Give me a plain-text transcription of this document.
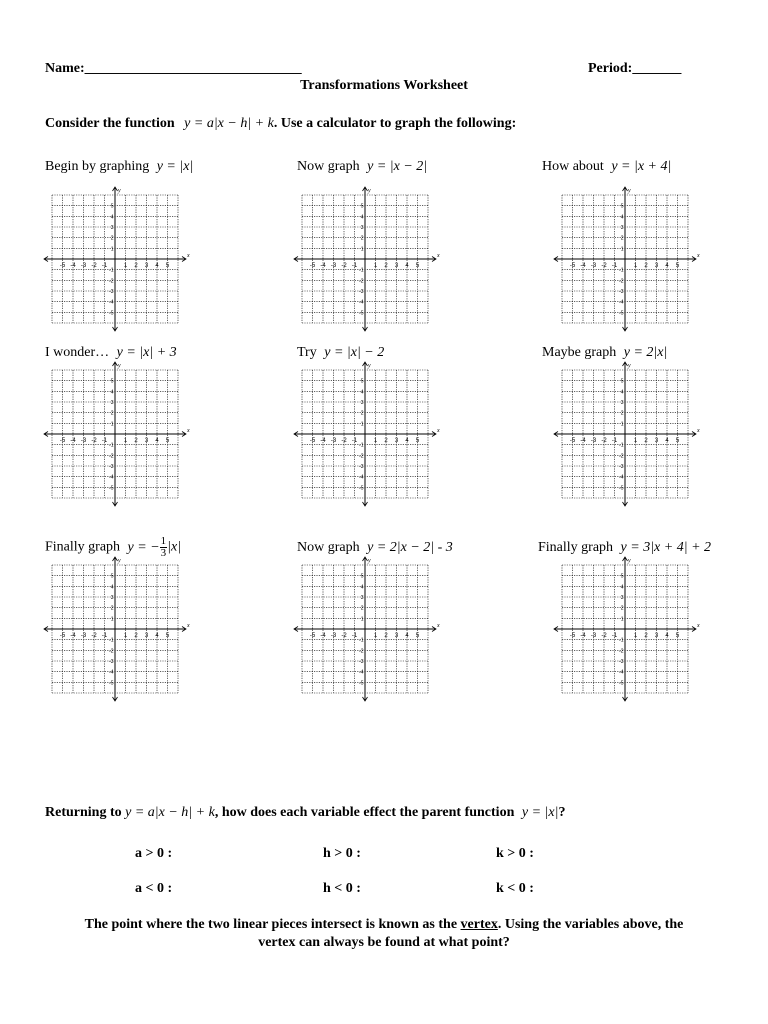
Name:_______________________________	Period:_______
Transformations Worksheet
Consider the function y = a|x − h| + k. Use a calculator to graph the following:
Begin by graphing y = |x|	Now graph y = |x − 2|	How about y = |x + 4|
I wonder… y = |x| + 3	Try y = |x| − 2	Maybe graph y = 2|x|
Finally graph y = − $\frac{1}{3} |x|$	Now graph y = 2|x − 2| - 3	Finally graph y = 3|x + 4| + 2
-5 -4 -3 -2 -1	1 2 3 4 5
5
4
3
2
1
-1
-2
-3
-4
-5
x
y
-5 -4 -3 -2 -1	1 2 3 4 5
5
4
3
2
1
-1
-2
-3
-4
-5
x
y
-5 -4 -3 -2 -1	1 2 3 4 5
5
4
3
2
1
-1
-2
-3
-4
-5
x
y
-5 -4 -3 -2 -1	1 2 3 4 5
5
4
3
2
1
-1
-2
-3
-4
-5
x
y
-5 -4 -3 -2 -1	1 2 3 4 5
5
4
3
2
1
-1
-2
-3
-4
-5
x
y
-5 -4 -3 -2 -1	1 2 3 4 5
5
4
3
2
1
-1
-2
-3
-4
-5
x
y
-5 -4 -3 -2 -1	1 2 3 4 5
5
4
3
2
1
-1
-2
-3
-4
-5
x
y
-5 -4 -3 -2 -1	1 2 3 4 5
5
4
3
2
1
-1
-2
-3
-4
-5
x
y
-5 -4 -3 -2 -1	1 2 3 4 5
5
4
3
2
1
-1
-2
-3
-4
-5
x
y
Returning to y = a|x − h| + k, how does each variable effect the parent function y = |x|?
a > 0 :	h > 0 :	k > 0 :
a < 0 :	h < 0 :	k < 0 :
The point where the two linear pieces intersect is known as the vertex. Using the variables above, the
vertex can always be found at what point?
